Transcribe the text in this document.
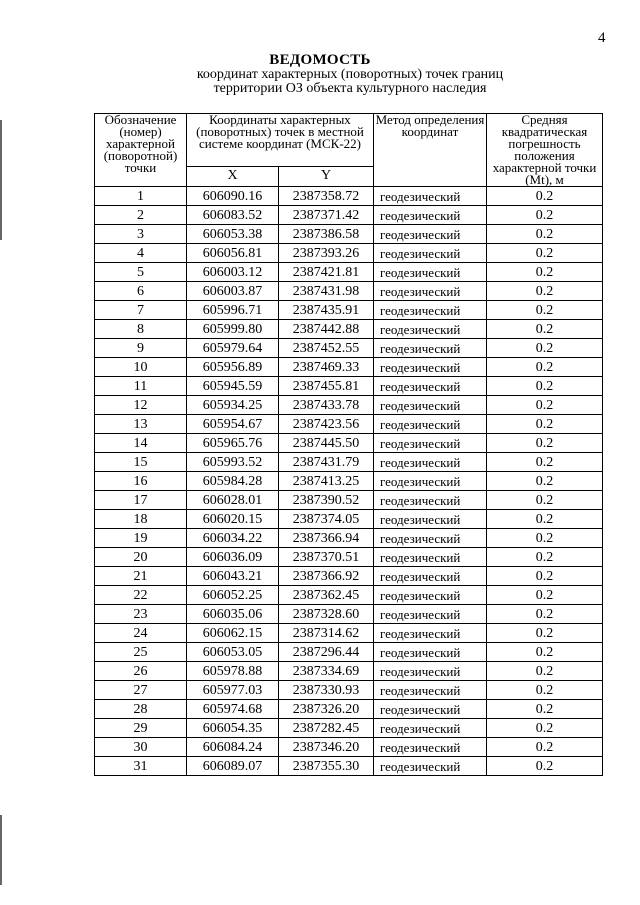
4
ВЕДОМОСТЬ
координат характерных (поворотных) точек границ
территории ОЗ объекта культурного наследия
Обозначение (номер) характерной (поворотной) точки	Координаты характерных (поворотных) точек в местной системе координат (МСК-22)		Метод определения координат	Средняя квадратическая погрешность положения характерной точки (Mt), м
	X	Y		
1	606090.16	2387358.72	геодезический	0.2
2	606083.52	2387371.42	геодезический	0.2
3	606053.38	2387386.58	геодезический	0.2
4	606056.81	2387393.26	геодезический	0.2
5	606003.12	2387421.81	геодезический	0.2
6	606003.87	2387431.98	геодезический	0.2
7	605996.71	2387435.91	геодезический	0.2
8	605999.80	2387442.88	геодезический	0.2
9	605979.64	2387452.55	геодезический	0.2
10	605956.89	2387469.33	геодезический	0.2
11	605945.59	2387455.81	геодезический	0.2
12	605934.25	2387433.78	геодезический	0.2
13	605954.67	2387423.56	геодезический	0.2
14	605965.76	2387445.50	геодезический	0.2
15	605993.52	2387431.79	геодезический	0.2
16	605984.28	2387413.25	геодезический	0.2
17	606028.01	2387390.52	геодезический	0.2
18	606020.15	2387374.05	геодезический	0.2
19	606034.22	2387366.94	геодезический	0.2
20	606036.09	2387370.51	геодезический	0.2
21	606043.21	2387366.92	геодезический	0.2
22	606052.25	2387362.45	геодезический	0.2
23	606035.06	2387328.60	геодезический	0.2
24	606062.15	2387314.62	геодезический	0.2
25	606053.05	2387296.44	геодезический	0.2
26	605978.88	2387334.69	геодезический	0.2
27	605977.03	2387330.93	геодезический	0.2
28	605974.68	2387326.20	геодезический	0.2
29	606054.35	2387282.45	геодезический	0.2
30	606084.24	2387346.20	геодезический	0.2
31	606089.07	2387355.30	геодезический	0.2
